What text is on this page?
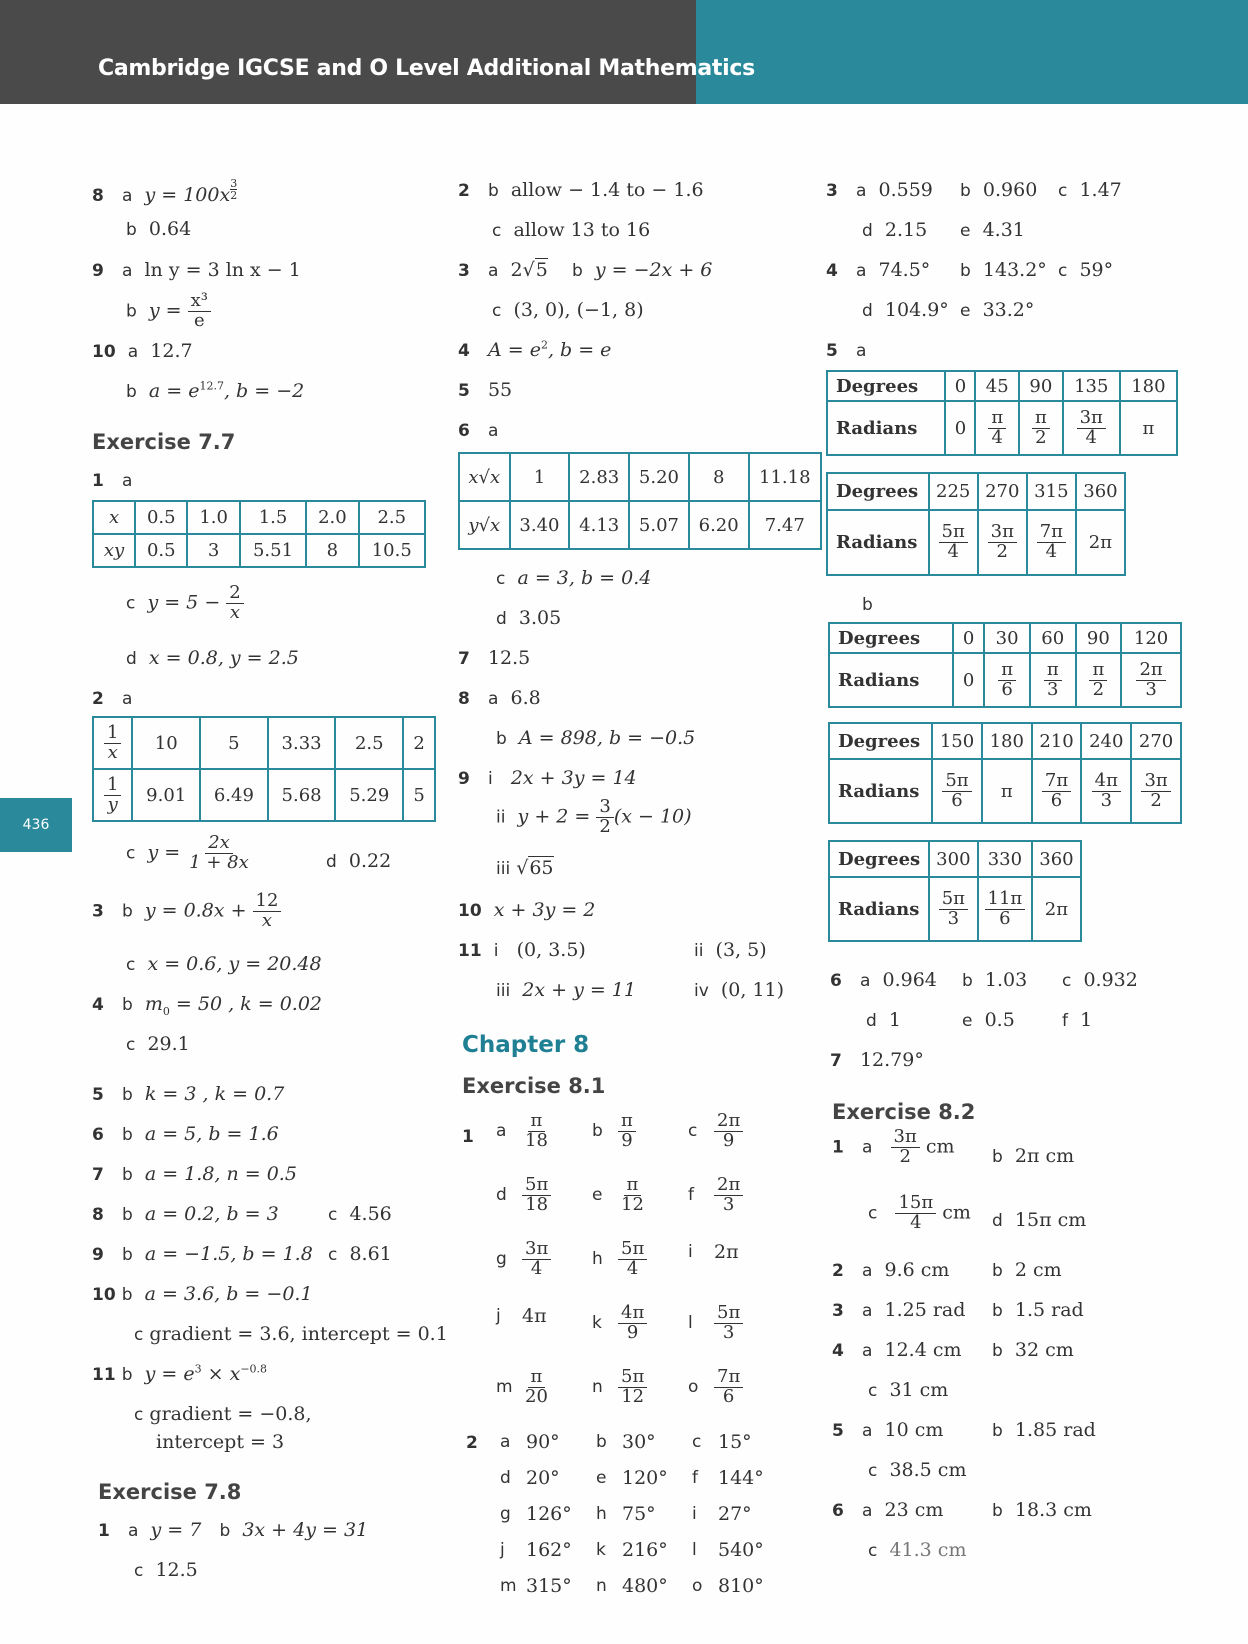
Cambridge IGCSE and O Level Additional Mathematics
436
8 a $y = 100x \frac{3}{2}$
b 0.64
9 a ln y = 3 ln x − 1
b $y = \frac{\text{x³}}{e}$
10 a 12.7
b $a = e^{12.7}$, b = −2
Exercise 7.7
1 a
x	0.5	1.0	1.5	2.0	2.5
xy	0.5	3	5.51	8	10.5
c $y = 5 - \frac{2}{x}$
d x = 0.8, y = 2.5
2 a
$\frac{1}{x}$	10	5	3.33	2.5	2

$\frac{1}{y}$	9.01	6.49	5.68	5.29	5
c $y = \frac{2x}{1 + 8x}$	d 0.22
3 b $y = 0.8x + \frac{12}{x}$
c x = 0.6, y = 20.48
4 b $m_0 = 50$ , k = 0.02
c 29.1
5 b k = 3 , k = 0.7
6 b a = 5, b = 1.6
7 b a = 1.8, n = 0.5
8 b a = 0.2, b = 3	c 4.56
9 b a = −1.5, b = 1.8 c 8.61
10 b a = 3.6, b = −0.1
c gradient = 3.6, intercept = 0.1
11 b $y = e^3 \times x^{-0.8}$
c gradient = −0.8,
intercept = 3
Exercise 7.8
1 a y = 7 b 3x + 4y = 31
c 12.5
2 b allow − 1.4 to − 1.6
c allow 13 to 16
3 a 2√5 b y = −2x + 6
c (3, 0), (−1, 8)
4 $A = e^2$, b = e
5 55
6 a
x√x	1	2.83	5.20	8	11.18
y√x	3.40	4.13	5.07	6.20	7.47
c a = 3, b = 0.4
d 3.05
7 12.5
8 a 6.8
b A = 898, b = −0.5
9 i 2x + 3y = 14
ii $y + 2 = \frac{3}{2} (x - 10)$
iii √65
10 x + 3y = 2
11 i (0, 3.5)	ii (3, 5)
iii 2x + y = 11	iv (0, 11)
Chapter 8
Exercise 8.1
1 a $\frac{\pi}{18}$ b $\frac{\pi}{9}$	c $\frac{2\pi}{9}$
d $\frac{5\pi}{18}$ e $\frac{\pi}{12}$ f	$\frac{2\pi}{3}$
g $\frac{3\pi}{4}$ h $\frac{5\pi}{4}$ i	2π
j	4π	k $\frac{4\pi}{9}$ l	$\frac{5\pi}{3}$
m $\frac{\pi}{20}$ n $\frac{5\pi}{12}$ o $\frac{7\pi}{6}$
2 a 90° b 30° c 15°
d 20° e 120° f	144°
g 126° h 75° i	27°
j	162° k 216° l	540°
m 315° n 480° o 810°
3 a 0.559 b 0.960 c 1.47
d 2.15 e 4.31
4 a 74.5° b 143.2° c 59°
d 104.9° e 33.2°
5 a
Degrees	0	45	90	135	180
Radians	0	$\frac{\pi}{4}$	$\frac{\pi}{2}$	$\frac{3\pi}{4}$	π
Degrees	225	270	315	360
Radians	$\frac{5\pi}{4}$	$\frac{3\pi}{2}$	$\frac{7\pi}{4}$	2π
b
Degrees	0	30	60	90	120
Radians	0	$\frac{\pi}{6}$	$\frac{\pi}{3}$	$\frac{\pi}{2}$	$\frac{2\pi}{3}$
Degrees	150	180	210	240	270
Radians	$\frac{5\pi}{6}$	π	$\frac{7\pi}{6}$	$\frac{4\pi}{3}$	$\frac{3\pi}{2}$
Degrees	300	330	360
Radians	$\frac{5\pi}{3}$	$\frac{11\pi}{6}$	2π
6 a 0.964 b 1.03 c 0.932
d 1	e 0.5	f 1
7 12.79°
Exercise 8.2
1 a $\frac{3\pi}{2}$ cm b 2π cm
c $\frac{15\pi}{4}$ cm d 15π cm
2 a 9.6 cm	b 2 cm
3 a 1.25 rad b 1.5 rad
4 a 12.4 cm b 32 cm
c 31 cm
5 a 10 cm	b 1.85 rad
c 38.5 cm
6 a 23 cm	b 18.3 cm
c 41.3 cm
